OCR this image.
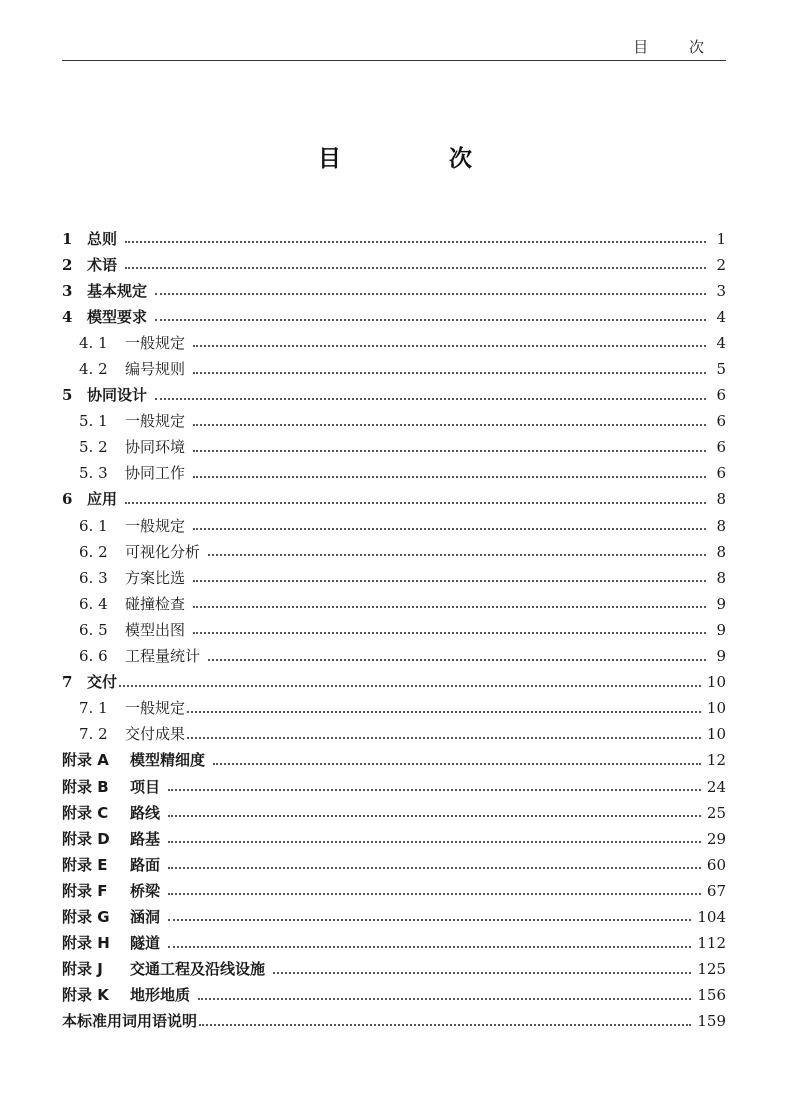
目 次
目 次
1 总则	1
2 术语	2
3 基本规定	3
4 模型要求	4
4. 1	一般规定	4
4. 2	编号规则	5
5 协同设计	6
5. 1	一般规定	6
5. 2	协同环境	6
5. 3	协同工作	6
6 应用	8
6. 1	一般规定	8
6. 2	可视化分析	8
6. 3	方案比选	8
6. 4	碰撞检查	9
6. 5	模型出图	9
6. 6	工程量统计	9
7 交付	10
7. 1	一般规定	10
7. 2	交付成果	10
附录 A	模型精细度	12
附录 B	项目	24
附录 C	路线	25
附录 D	路基	29
附录 E	路面	60
附录 F	桥梁	67
附录 G	涵洞	104
附录 H	隧道	112
附录 J	交通工程及沿线设施	125
附录 K	地形地质	156
本标准用词用语说明	159
